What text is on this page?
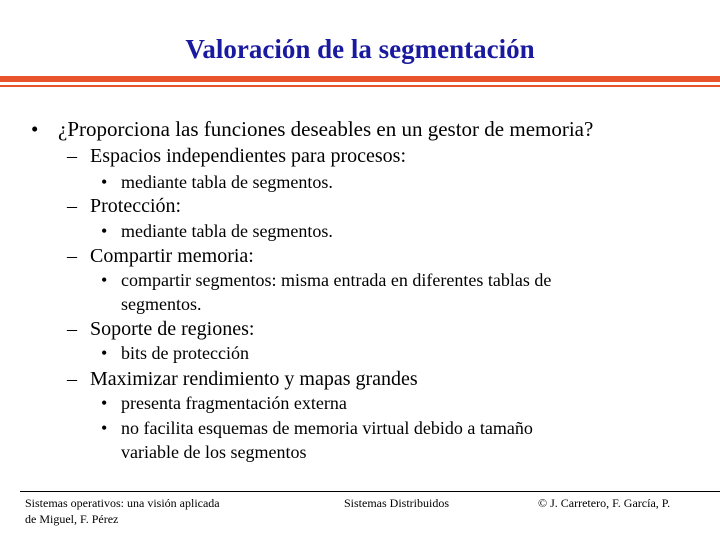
Valoración de la segmentación
• ¿Proporciona las funciones deseables en un gestor de memoria?
– Espacios independientes para procesos:
• mediante tabla de segmentos.
– Protección:
• mediante tabla de segmentos.
– Compartir memoria:
• compartir segmentos: misma entrada en diferentes tablas de
segmentos.
– Soporte de regiones:
• bits de protección
– Maximizar rendimiento y mapas grandes
• presenta fragmentación externa
• no facilita esquemas de memoria virtual debido a tamaño
variable de los segmentos
Sistemas operativos: una visión aplicada
de Miguel, F. Pérez
Sistemas Distribuidos	© J. Carretero, F. García, P.
